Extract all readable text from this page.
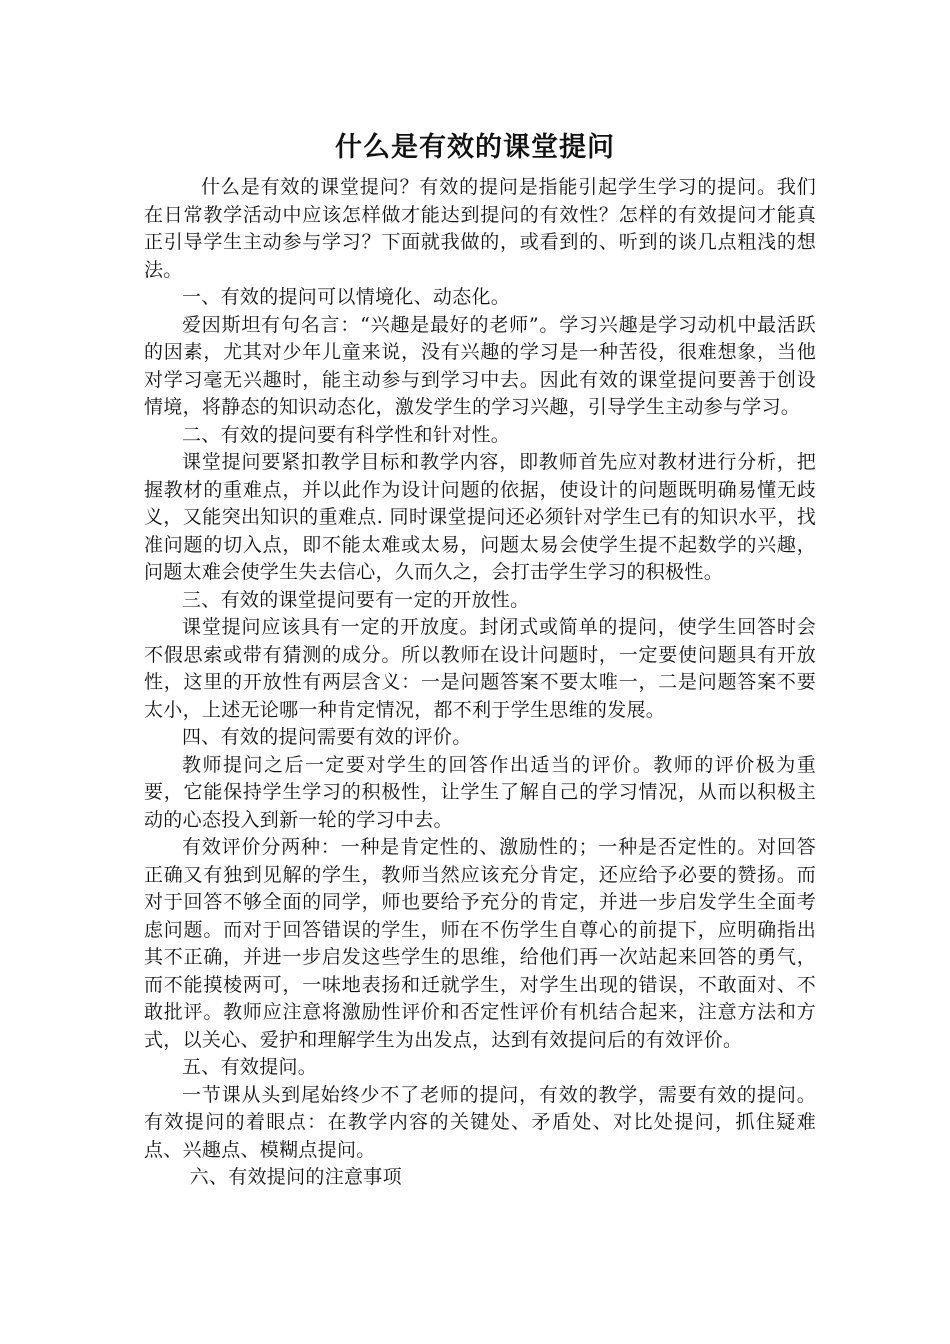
什么是有效的课堂提问

什么是有效的课堂提问？有效的提问是指能引起学生学习的提问。我们在日常教学活动中应该怎样做才能达到提问的有效性？怎样的有效提问才能真正引导学生主动参与学习？下面就我做的，或看到的、听到的谈几点粗浅的想法。

一、有效的提问可以情境化、动态化。

爱因斯坦有句名言：“兴趣是最好的老师”。学习兴趣是学习动机中最活跃的因素，尤其对少年儿童来说，没有兴趣的学习是一种苦役，很难想象，当他对学习毫无兴趣时，能主动参与到学习中去。因此有效的课堂提问要善于创设情境，将静态的知识动态化，激发学生的学习兴趣，引导学生主动参与学习。

二、有效的提问要有科学性和针对性。

课堂提问要紧扣教学目标和教学内容，即教师首先应对教材进行分析，把握教材的重难点，并以此作为设计问题的依据，使设计的问题既明确易懂无歧义，又能突出知识的重难点. 同时课堂提问还必须针对学生已有的知识水平，找准问题的切入点，即不能太难或太易，问题太易会使学生提不起数学的兴趣，问题太难会使学生失去信心，久而久之，会打击学生学习的积极性。

三、有效的课堂提问要有一定的开放性。

课堂提问应该具有一定的开放度。封闭式或简单的提问，使学生回答时会不假思索或带有猜测的成分。所以教师在设计问题时，一定要使问题具有开放性，这里的开放性有两层含义：一是问题答案不要太唯一，二是问题答案不要太小，上述无论哪一种肯定情况，都不利于学生思维的发展。

四、有效的提问需要有效的评价。

教师提问之后一定要对学生的回答作出适当的评价。教师的评价极为重要，它能保持学生学习的积极性，让学生了解自己的学习情况，从而以积极主动的心态投入到新一轮的学习中去。

有效评价分两种：一种是肯定性的、激励性的；一种是否定性的。对回答正确又有独到见解的学生，教师当然应该充分肯定，还应给予必要的赞扬。而对于回答不够全面的同学，师也要给予充分的肯定，并进一步启发学生全面考虑问题。而对于回答错误的学生，师在不伤学生自尊心的前提下，应明确指出其不正确，并进一步启发这些学生的思维，给他们再一次站起来回答的勇气，而不能摸棱两可，一味地表扬和迁就学生，对学生出现的错误，不敢面对、不敢批评。教师应注意将激励性评价和否定性评价有机结合起来，注意方法和方式，以关心、爱护和理解学生为出发点，达到有效提问后的有效评价。

五、有效提问。

一节课从头到尾始终少不了老师的提问，有效的教学，需要有效的提问。有效提问的着眼点：在教学内容的关键处、矛盾处、对比处提问，抓住疑难点、兴趣点、模糊点提问。

六、有效提问的注意事项
